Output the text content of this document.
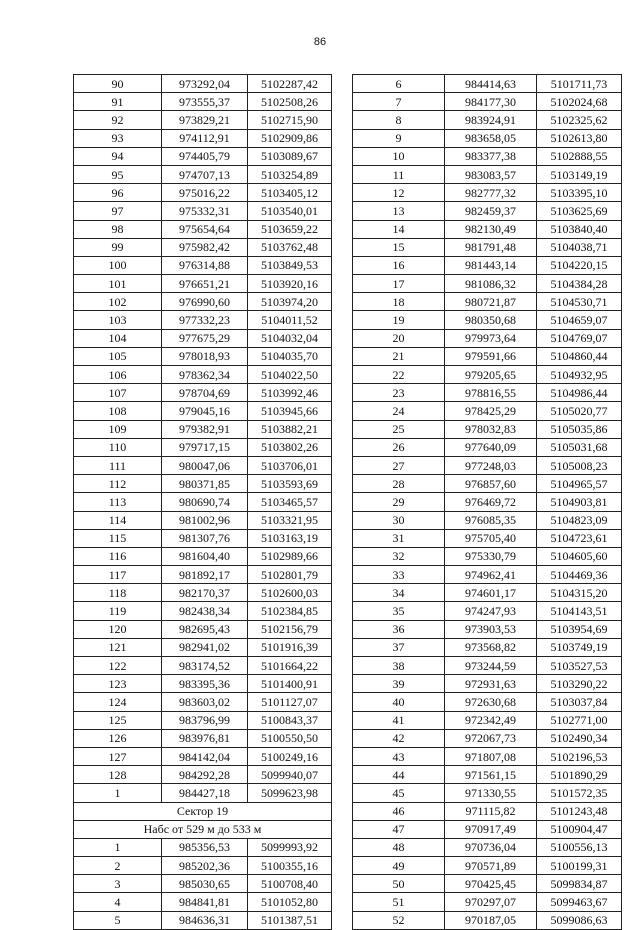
86
90	973292,04	5102287,42
91	973555,37	5102508,26
92	973829,21	5102715,90
93	974112,91	5102909,86
94	974405,79	5103089,67
95	974707,13	5103254,89
96	975016,22	5103405,12
97	975332,31	5103540,01
98	975654,64	5103659,22
99	975982,42	5103762,48
100	976314,88	5103849,53
101	976651,21	5103920,16
102	976990,60	5103974,20
103	977332,23	5104011,52
104	977675,29	5104032,04
105	978018,93	5104035,70
106	978362,34	5104022,50
107	978704,69	5103992,46
108	979045,16	5103945,66
109	979382,91	5103882,21
110	979717,15	5103802,26
111	980047,06	5103706,01
112	980371,85	5103593,69
113	980690,74	5103465,57
114	981002,96	5103321,95
115	981307,76	5103163,19
116	981604,40	5102989,66
117	981892,17	5102801,79
118	982170,37	5102600,03
119	982438,34	5102384,85
120	982695,43	5102156,79
121	982941,02	5101916,39
122	983174,52	5101664,22
123	983395,36	5101400,91
124	983603,02	5101127,07
125	983796,99	5100843,37
126	983976,81	5100550,50
127	984142,04	5100249,16
128	984292,28	5099940,07
1	984427,18	5099623,98
Сектор 19		
Набс от 529 м до 533 м		
1	985356,53	5099993,92
2	985202,36	5100355,16
3	985030,65	5100708,40
4	984841,81	5101052,80
5	984636,31	5101387,51
6	984414,63	5101711,73
7	984177,30	5102024,68
8	983924,91	5102325,62
9	983658,05	5102613,80
10	983377,38	5102888,55
11	983083,57	5103149,19
12	982777,32	5103395,10
13	982459,37	5103625,69
14	982130,49	5103840,40
15	981791,48	5104038,71
16	981443,14	5104220,15
17	981086,32	5104384,28
18	980721,87	5104530,71
19	980350,68	5104659,07
20	979973,64	5104769,07
21	979591,66	5104860,44
22	979205,65	5104932,95
23	978816,55	5104986,44
24	978425,29	5105020,77
25	978032,83	5105035,86
26	977640,09	5105031,68
27	977248,03	5105008,23
28	976857,60	5104965,57
29	976469,72	5104903,81
30	976085,35	5104823,09
31	975705,40	5104723,61
32	975330,79	5104605,60
33	974962,41	5104469,36
34	974601,17	5104315,20
35	974247,93	5104143,51
36	973903,53	5103954,69
37	973568,82	5103749,19
38	973244,59	5103527,53
39	972931,63	5103290,22
40	972630,68	5103037,84
41	972342,49	5102771,00
42	972067,73	5102490,34
43	971807,08	5102196,53
44	971561,15	5101890,29
45	971330,55	5101572,35
46	971115,82	5101243,48
47	970917,49	5100904,47
48	970736,04	5100556,13
49	970571,89	5100199,31
50	970425,45	5099834,87
51	970297,07	5099463,67
52	970187,05	5099086,63
